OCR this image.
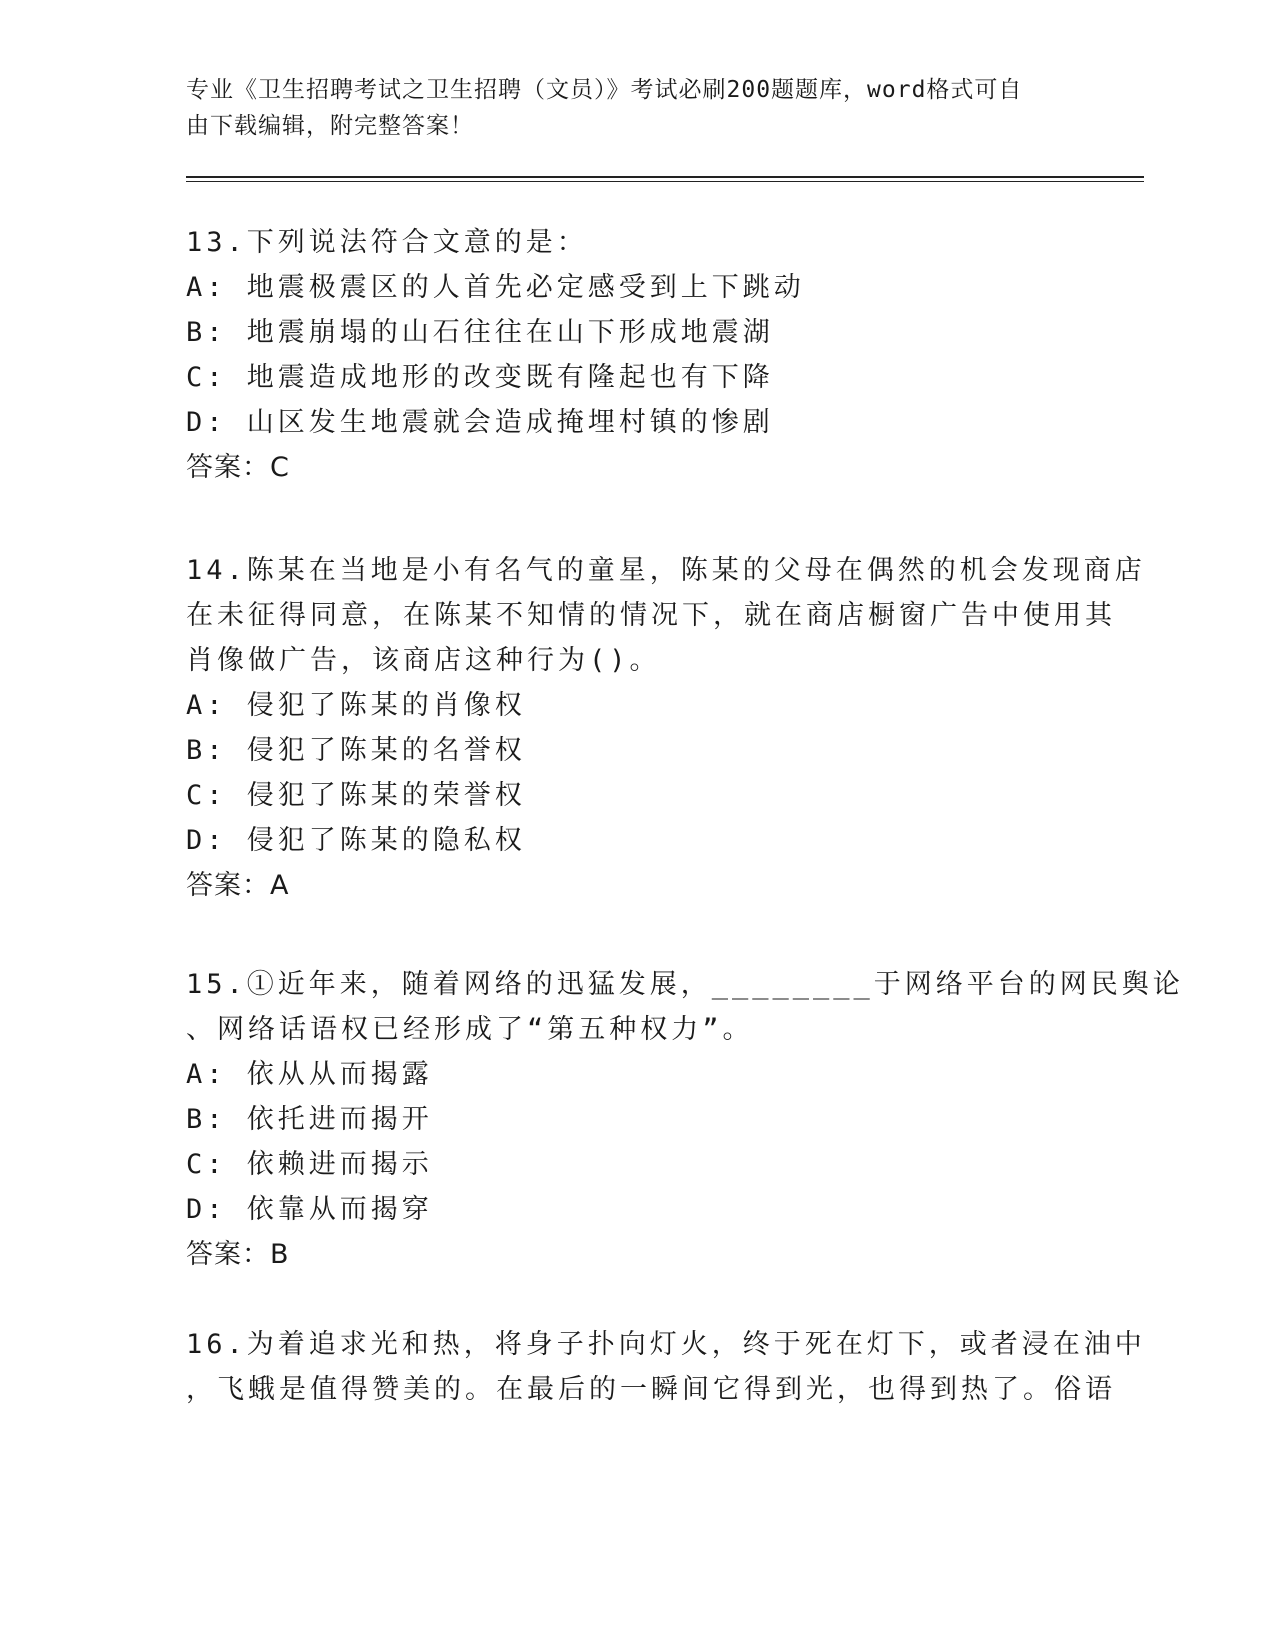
专业《卫生招聘考试之卫生招聘（文员）》考试必刷200题题库，word格式可自
由下载编辑，附完整答案！
13.下列说法符合文意的是：
A: 地震极震区的人首先必定感受到上下跳动
B: 地震崩塌的山石往往在山下形成地震湖
C: 地震造成地形的改变既有隆起也有下降
D: 山区发生地震就会造成掩埋村镇的惨剧
答案：C
14.陈某在当地是小有名气的童星，陈某的父母在偶然的机会发现商店
在未征得同意，在陈某不知情的情况下，就在商店橱窗广告中使用其
肖像做广告，该商店这种行为()。
A: 侵犯了陈某的肖像权
B: 侵犯了陈某的名誉权
C: 侵犯了陈某的荣誉权
D: 侵犯了陈某的隐私权
答案：A
15.①近年来，随着网络的迅猛发展，________于网络平台的网民舆论
、网络话语权已经形成了“第五种权力”。
A: 依从从而揭露
B: 依托进而揭开
C: 依赖进而揭示
D: 依靠从而揭穿
答案：B
16.为着追求光和热，将身子扑向灯火，终于死在灯下，或者浸在油中
，飞蛾是值得赞美的。在最后的一瞬间它得到光，也得到热了。俗语
